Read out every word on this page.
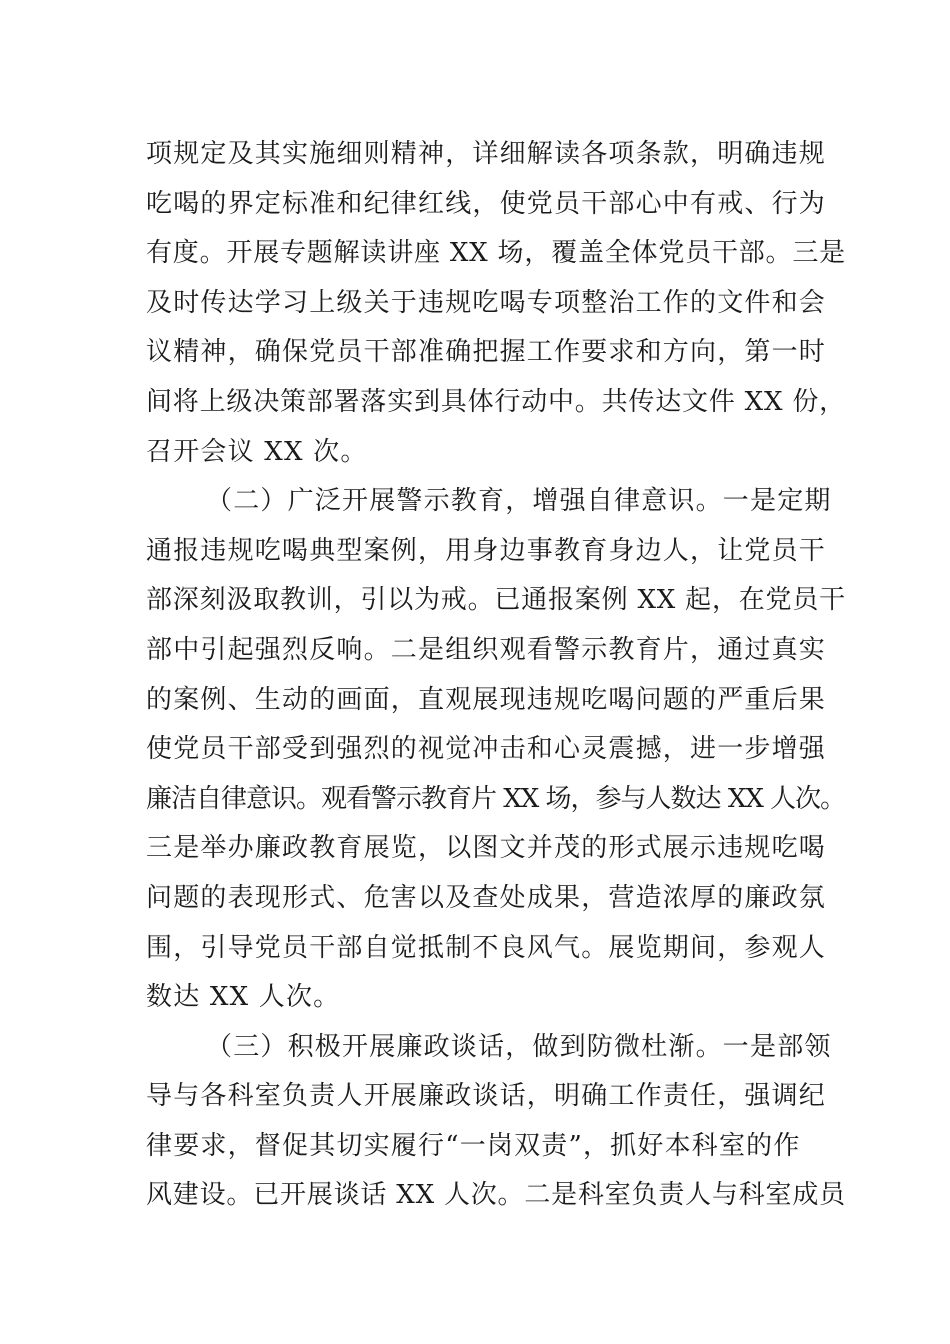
项规定及其实施细则精神，详细解读各项条款，明确违规
吃喝的界定标准和纪律红线，使党员干部心中有戒、行为
有度。开展专题解读讲座 XX 场，覆盖全体党员干部。三是
及时传达学习上级关于违规吃喝专项整治工作的文件和会
议精神，确保党员干部准确把握工作要求和方向，第一时
间将上级决策部署落实到具体行动中。共传达文件 XX 份，
召开会议 XX 次。
（二）广泛开展警示教育，增强自律意识。一是定期
通报违规吃喝典型案例，用身边事教育身边人，让党员干
部深刻汲取教训，引以为戒。已通报案例 XX 起，在党员干
部中引起强烈反响。二是组织观看警示教育片，通过真实
的案例、生动的画面，直观展现违规吃喝问题的严重后果
使党员干部受到强烈的视觉冲击和心灵震撼，进一步增强
廉洁自律意识。观看警示教育片 XX 场，参与人数达 XX 人次。
三是举办廉政教育展览，以图文并茂的形式展示违规吃喝
问题的表现形式、危害以及查处成果，营造浓厚的廉政氛
围，引导党员干部自觉抵制不良风气。展览期间，参观人
数达 XX 人次。
（三）积极开展廉政谈话，做到防微杜渐。一是部领
导与各科室负责人开展廉政谈话，明确工作责任，强调纪
律要求，督促其切实履行“一岗双责”，抓好本科室的作
风建设。已开展谈话 XX 人次。二是科室负责人与科室成员
